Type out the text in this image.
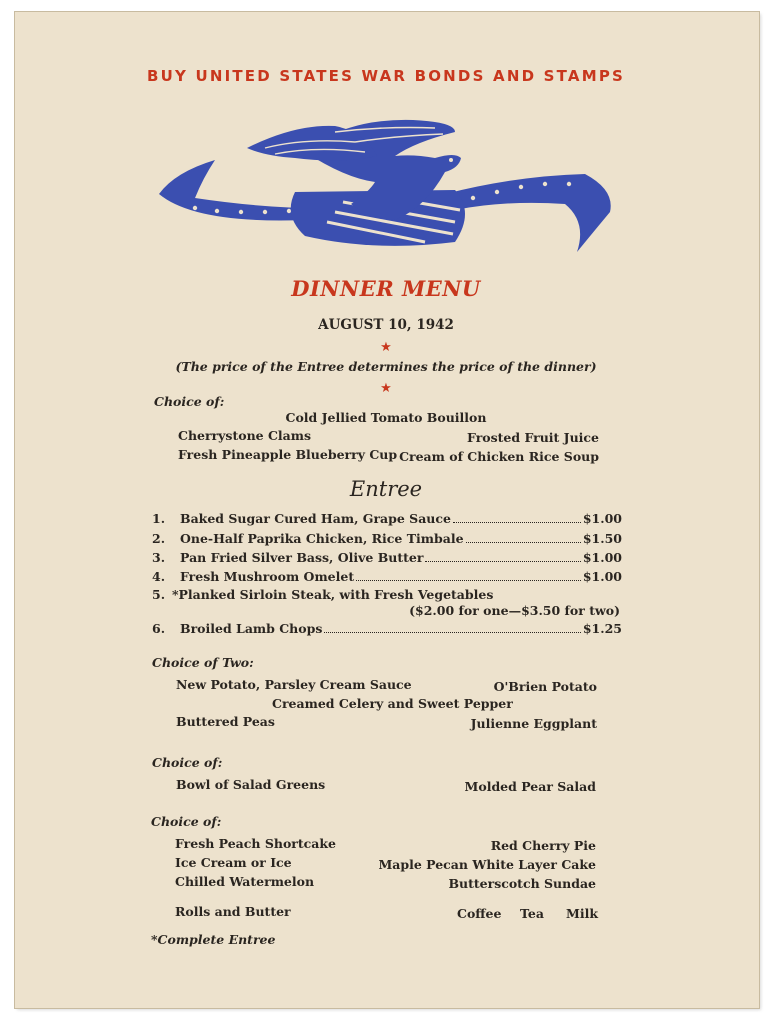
BUY UNITED STATES WAR BONDS AND STAMPS
DINNER MENU
AUGUST 10, 1942
★
(The price of the Entree determines the price of the dinner)
★
Choice of:
Cold Jellied Tomato Bouillon
Cherrystone Clams	Frosted Fruit Juice
Fresh Pineapple Blueberry Cup Cream of Chicken Rice Soup
Entree
1.	Baked Sugar Cured Ham, Grape Sauce	$1.00
2.	One-Half Paprika Chicken, Rice Timbale	$1.50
3.	Pan Fried Silver Bass, Olive Butter	$1.00
4.	Fresh Mushroom Omelet	$1.00
5. *Planked Sirloin Steak, with Fresh Vegetables
($2.00 for one—$3.50 for two)
6.	Broiled Lamb Chops	$1.25
Choice of Two:
New Potato, Parsley Cream Sauce	O'Brien Potato
Creamed Celery and Sweet Pepper
Buttered Peas	Julienne Eggplant
Choice of:
Bowl of Salad Greens	Molded Pear Salad
Choice of:
Fresh Peach Shortcake	Red Cherry Pie
Ice Cream or Ice	Maple Pecan White Layer Cake
Chilled Watermelon	Butterscotch Sundae
Rolls and Butter	Coffee Tea Milk
*Complete Entree
